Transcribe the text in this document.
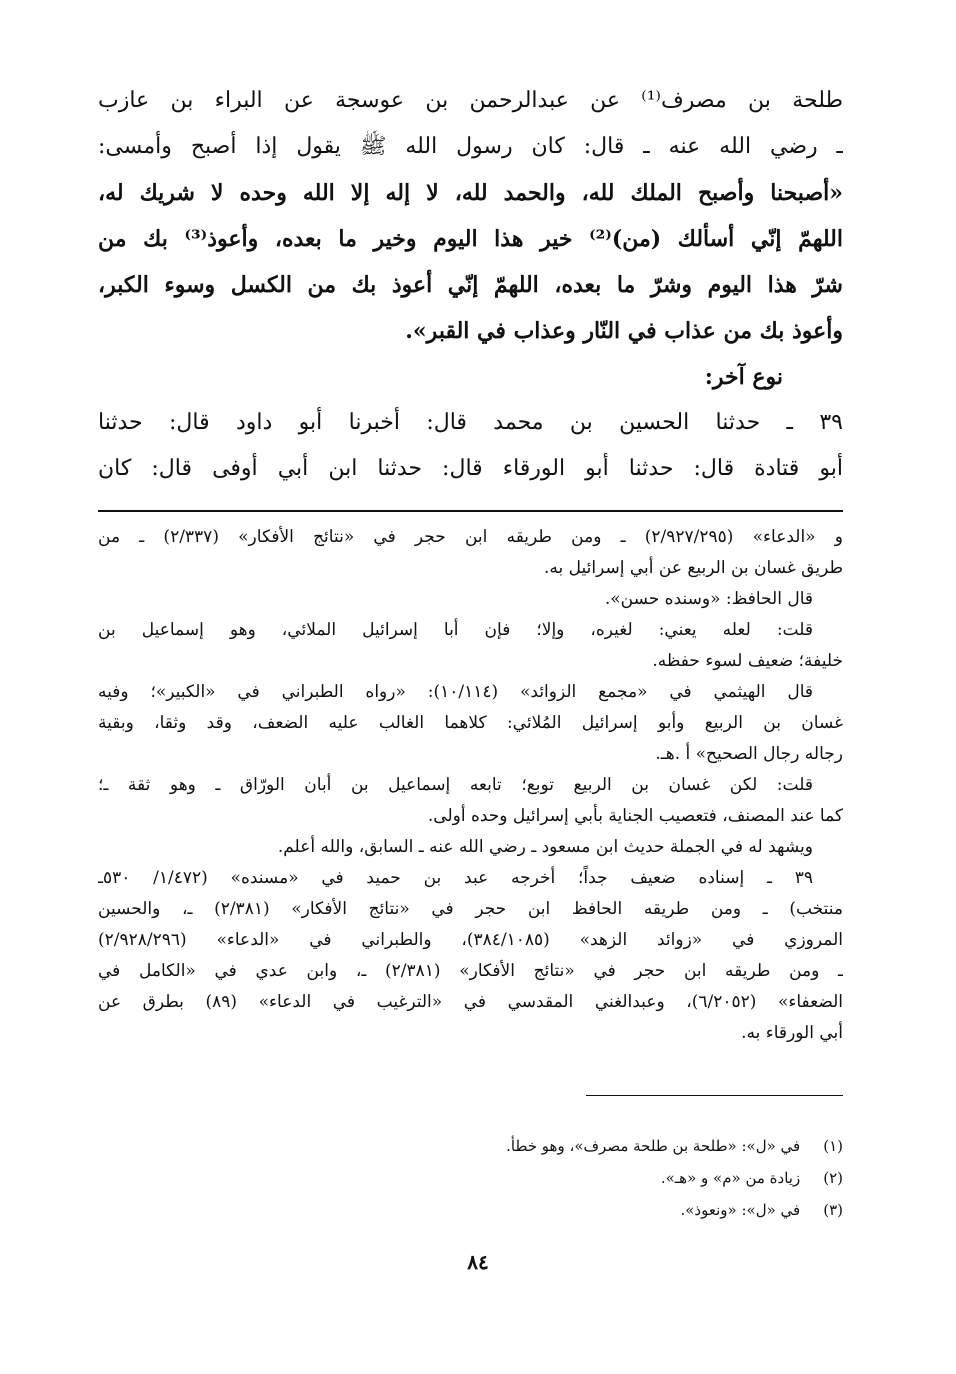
طلحة بن مصرف⁽¹⁾ عن عبدالرحمن بن عوسجة عن البراء بن عازب
ـ رضي الله عنه ـ قال: كان رسول الله ﷺ يقول إذا أصبح وأمسى:
«أصبحنا وأصبح الملك لله، والحمد لله، لا إله إلا الله وحده لا شريك له،
اللهمّ إنّي أسألك (من)⁽²⁾ خير هذا اليوم وخير ما بعده، وأعوذ⁽³⁾ بك من
شرّ هذا اليوم وشرّ ما بعده، اللهمّ إنّي أعوذ بك من الكسل وسوء الكبر،
وأعوذ بك من عذاب في النّار وعذاب في القبر».
نوع آخر:
٣٩ ـ حدثنا الحسين بن محمد قال: أخبرنا أبو داود قال: حدثنا
أبو قتادة قال: حدثنا أبو الورقاء قال: حدثنا ابن أبي أوفى قال: كان
و «الدعاء» (٢/٩٢٧/٢٩٥) ـ ومن طريقه ابن حجر في «نتائج الأفكار» (٢/٣٣٧) ـ من
طريق غسان بن الربيع عن أبي إسرائيل به.
قال الحافظ: «وسنده حسن».
قلت: لعله يعني: لغيره، وإلا؛ فإن أبا إسرائيل الملائي، وهو إسماعيل بن
خليفة؛ ضعيف لسوء حفظه.
قال الهيثمي في «مجمع الزوائد» (١٠/١١٤): «رواه الطبراني في «الكبير»؛ وفيه
غسان بن الربيع وأبو إسرائيل المُلائي: كلاهما الغالب عليه الضعف، وقد وثقا، وبقية
رجاله رجال الصحيح» أ .هـ.
قلت: لكن غسان بن الربيع توبع؛ تابعه إسماعيل بن أبان الورّاق ـ وهو ثقة ـ؛
كما عند المصنف، فتعصيب الجناية بأبي إسرائيل وحده أولى.
ويشهد له في الجملة حديث ابن مسعود ـ رضي الله عنه ـ السابق، والله أعلم.
٣٩ ـ إسناده ضعيف جداً؛ أخرجه عبد بن حميد في «مسنده» (١/٤٧٢/ ٥٣٠ـ
منتخب) ـ ومن طريقه الحافظ ابن حجر في «نتائج الأفكار» (٢/٣٨١) ـ، والحسين
المروزي في «زوائد الزهد» (٣٨٤/١٠٨٥)، والطبراني في «الدعاء» (٢/٩٢٨/٢٩٦)
ـ ومن طريقه ابن حجر في «نتائج الأفكار» (٢/٣٨١) ـ، وابن عدي في «الكامل في
الضعفاء» (٦/٢٠٥٢)، وعبدالغني المقدسي في «الترغيب في الدعاء» (٨٩) بطرق عن
أبي الورقاء به.
(١) في «ل»: «طلحة بن طلحة مصرف»، وهو خطأ.
(٢) زيادة من «م» و «هـ».
(٣) في «ل»: «ونعوذ».
٨٤
